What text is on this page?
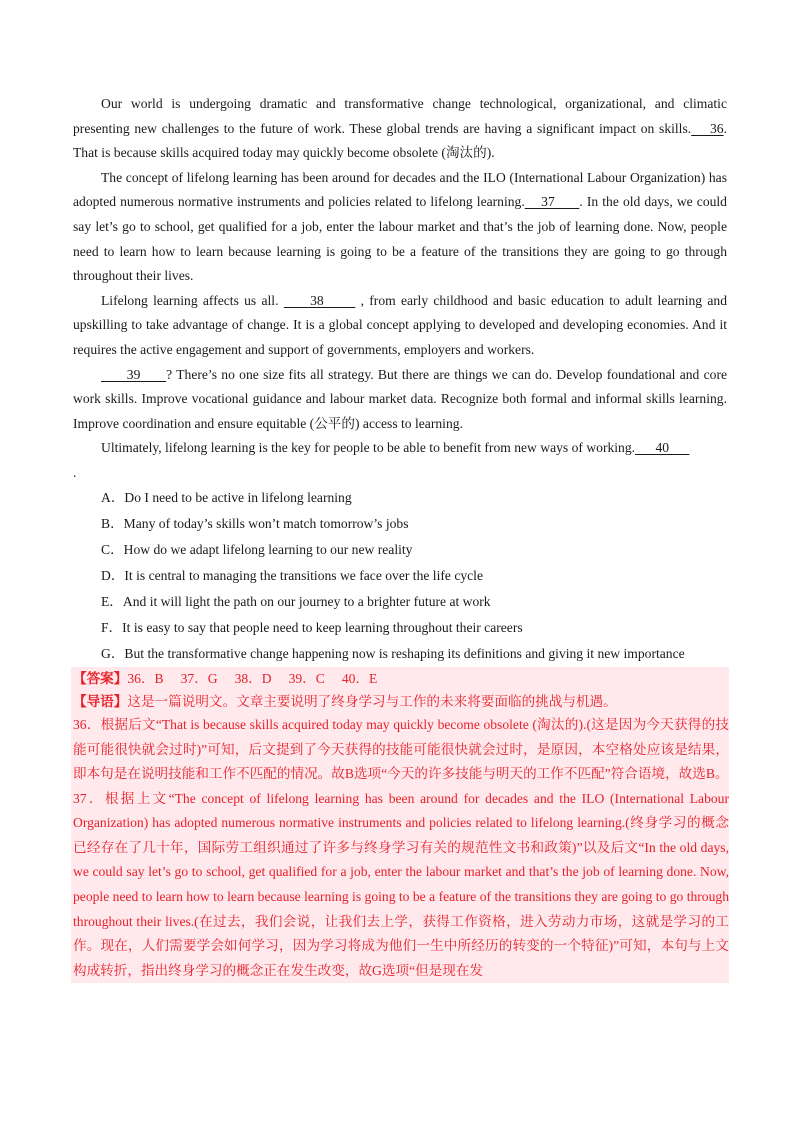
Our world is undergoing dramatic and transformative change technological, organizational, and climatic presenting new challenges to the future of work. These global trends are having a significant impact on skills.    36. That is because skills acquired today may quickly become obsolete (淘汰的).

The concept of lifelong learning has been around for decades and the ILO (International Labour Organization) has adopted numerous normative instruments and policies related to lifelong learning.    37      . In the old days, we could say let’s go to school, get qualified for a job, enter the labour market and that’s the job of learning done. Now, people need to learn how to learn because learning is going to be a feature of the transitions they are going to go through throughout their lives.

Lifelong learning affects us all.      38       , from early childhood and basic education to adult learning and upskilling to take advantage of change. It is a global concept applying to developed and developing economies. And it requires the active engagement and support of governments, employers and workers.

39      ? There’s no one size fits all strategy. But there are things we can do. Develop foundational and core work skills. Improve vocational guidance and labour market data. Recognize both formal and informal skills learning. Improve coordination and ensure equitable (公平的) access to learning.

Ultimately, lifelong learning is the key for people to be able to benefit from new ways of working.      40

.
A．Do I need to be active in lifelong learning
B．Many of today’s skills won’t match tomorrow’s jobs
C．How do we adapt lifelong learning to our new reality
D．It is central to managing the transitions we face over the life cycle
E．And it will light the path on our journey to a brighter future at work
F．It is easy to say that people need to keep learning throughout their careers
G．But the transformative change happening now is reshaping its definitions and giving it new importance

【答案】36．B　 37．G　 38．D　 39．C　 40．E

【导语】这是一篇说明文。文章主要说明了终身学习与工作的未来将要面临的挑战与机遇。

36．根据后文“That is because skills acquired today may quickly become obsolete (淘汰的).(这是因为今天获得的技能可能很快就会过时)”可知，后文提到了今天获得的技能可能很快就会过时，是原因，本空格处应该是结果，即本句是在说明技能和工作不匹配的情况。故B选项“今天的许多技能与明天的工作不匹配”符合语境，故选B。

37．根据上文“The concept of lifelong learning has been around for decades and the ILO (International Labour Organization) has adopted numerous normative instruments and policies related to lifelong learning.(终身学习的概念已经存在了几十年，国际劳工组织通过了许多与终身学习有关的规范性文书和政策)”以及后文“In the old days, we could say let’s go to school, get qualified for a job, enter the labour market and that’s the job of learning done. Now, people need to learn how to learn because learning is going to be a feature of the transitions they are going to go through throughout their lives.(在过去，我们会说，让我们去上学，获得工作资格，进入劳动力市场，这就是学习的工作。现在，人们需要学会如何学习，因为学习将成为他们一生中所经历的转变的一个特征)”可知，本句与上文构成转折，指出终身学习的概念正在发生改变，故G选项“但是现在发
